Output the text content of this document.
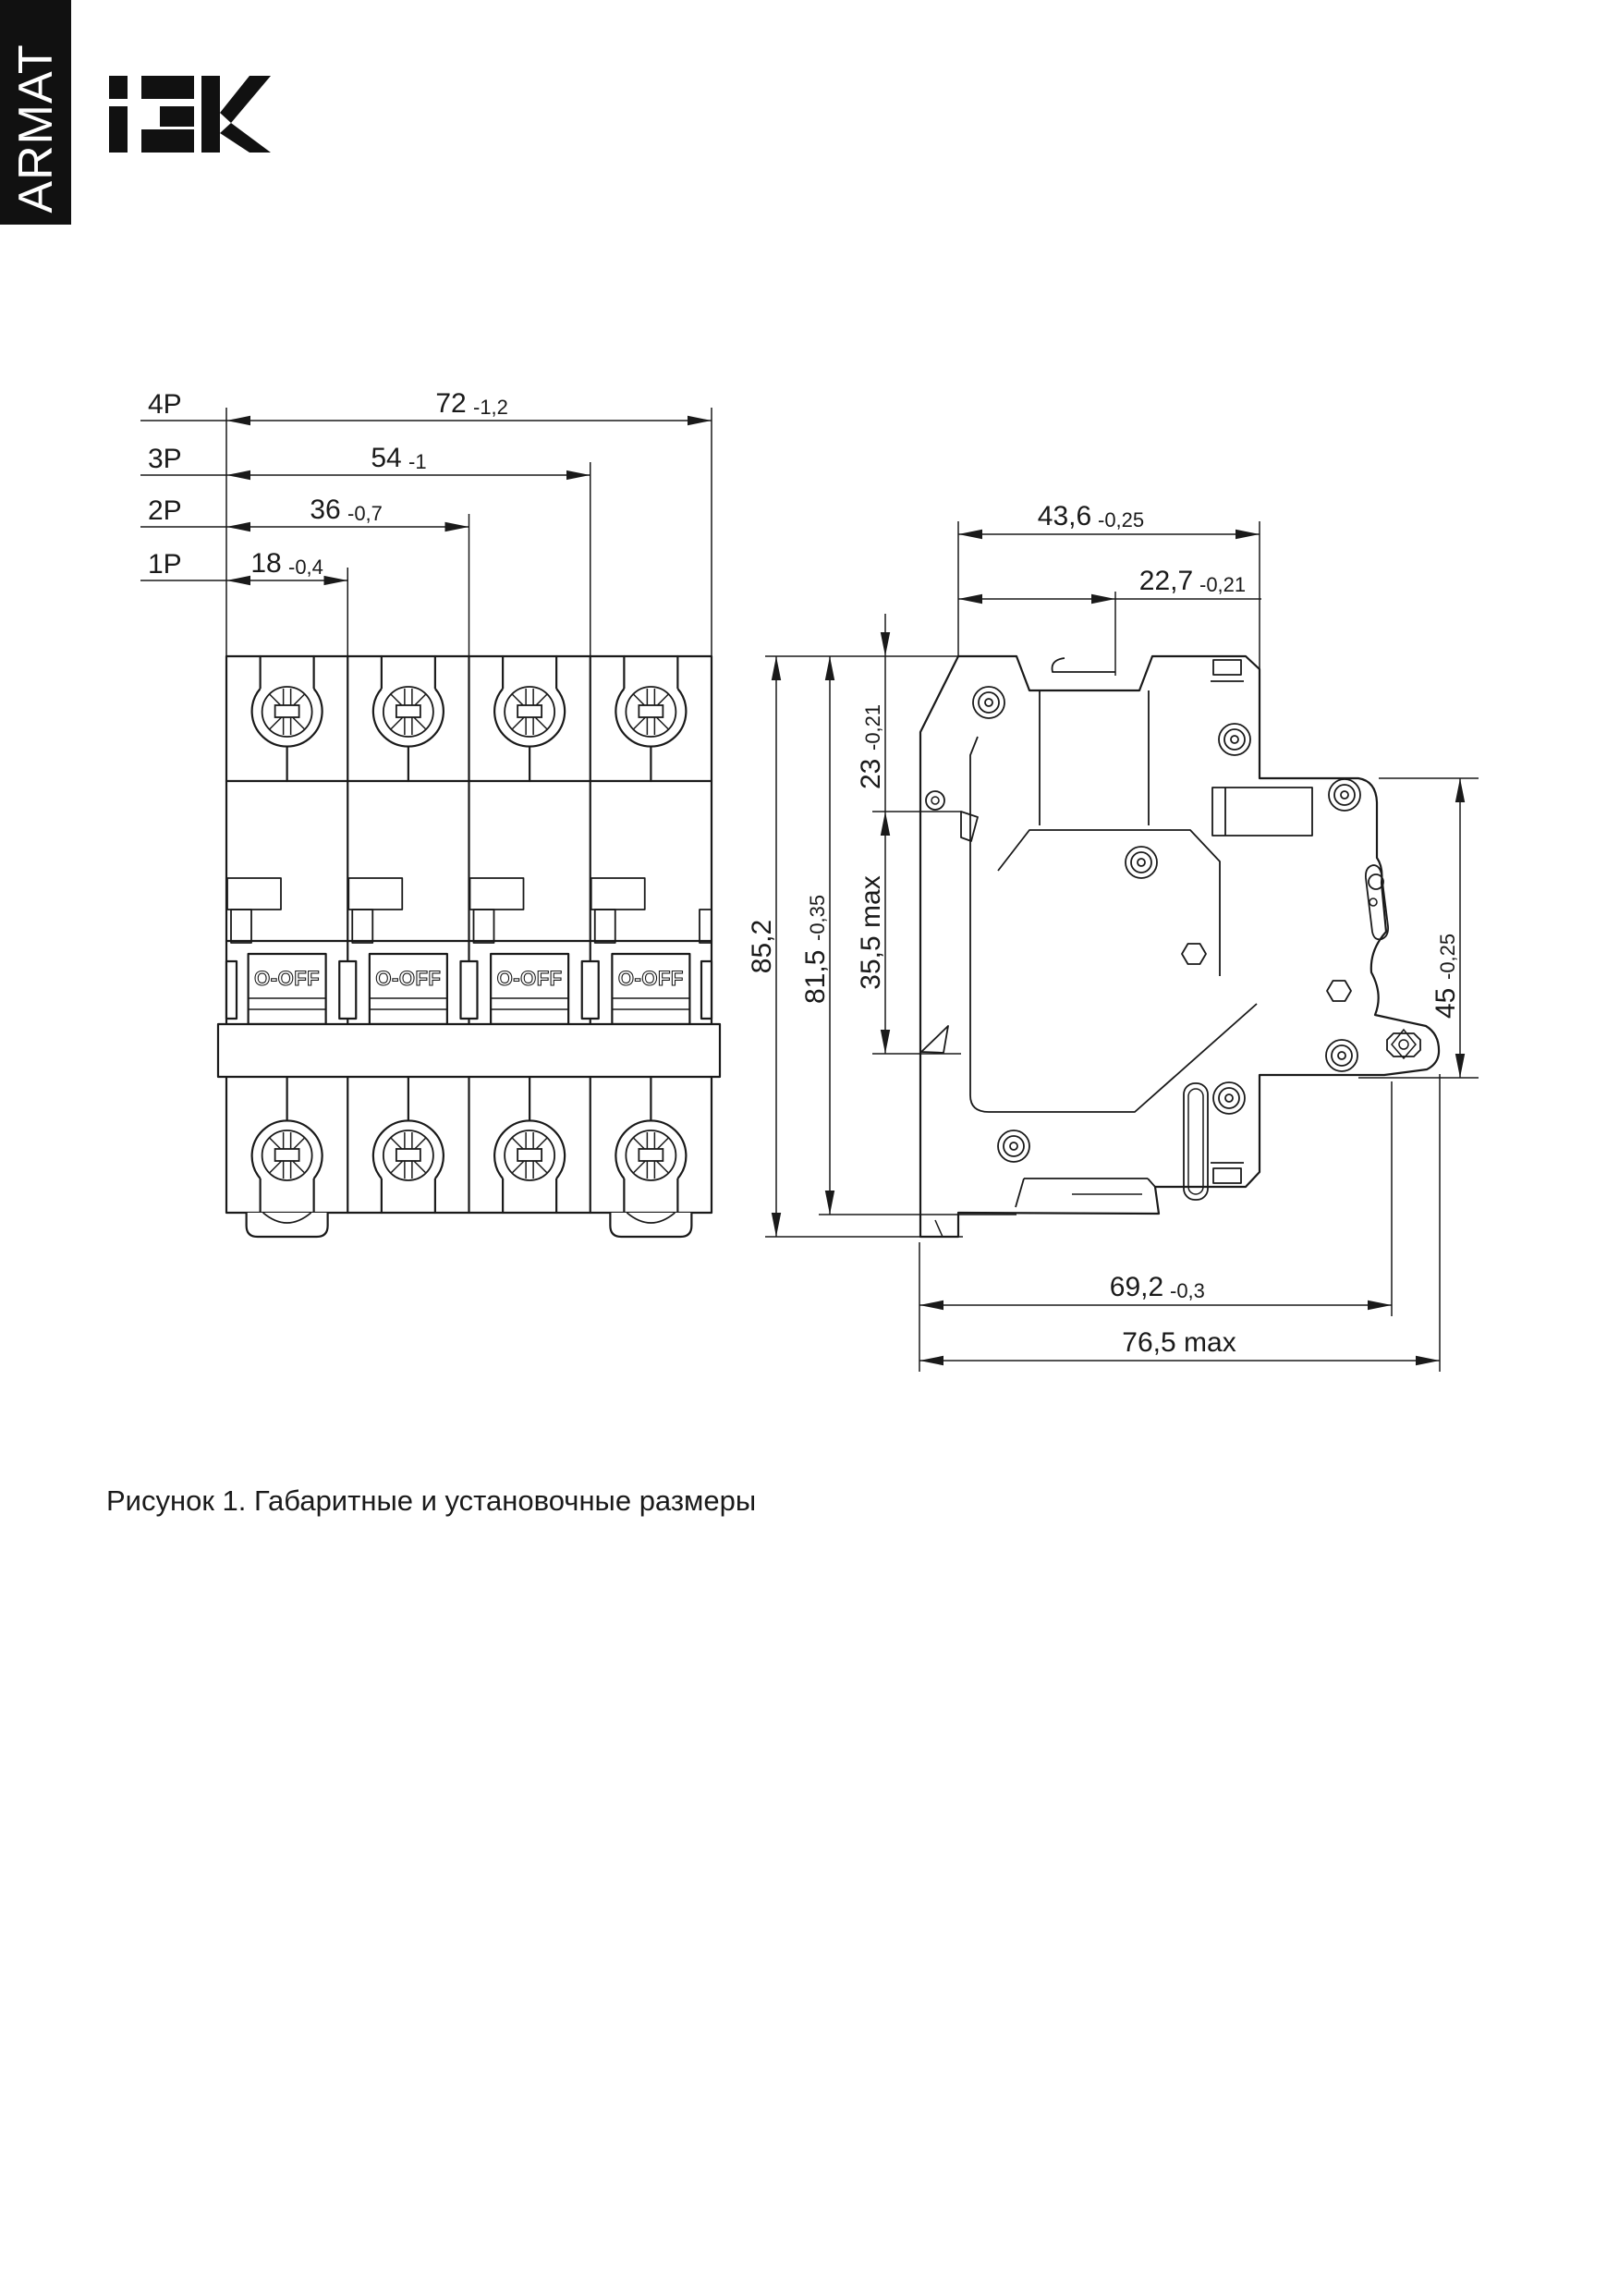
ARMAT
O-OFF	O-OFF	O-OFF	O-OFF
4P	72 -1,2
3P	54 -1
2P	36 -0,7
1P 18 -0,4
43,6 -0,25
22,7 -0,21
85,2
81,5
-0,35
23
-0,21
35,5 max
45
-0,25
69,2 -0,3
76,5 max
Рисунок 1. Габаритные и установочные размеры
